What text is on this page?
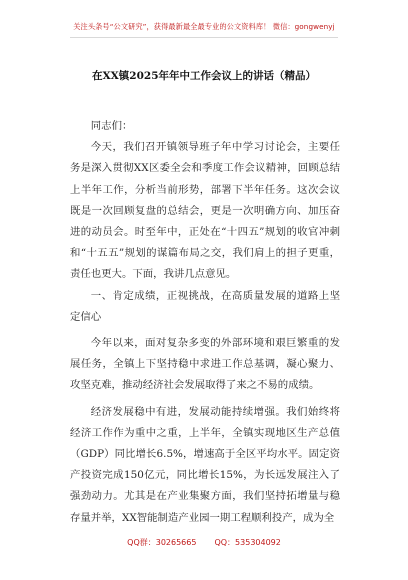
关注头条号“公文研究”，获得最新最全最专业的公文资料库！ 微信：gongwenyj
在XX镇2025年年中工作会议上的讲话（精品）

同志们：

今天，我们召开镇领导班子年中学习讨论会，主要任务是深入贯彻XX区委全会和季度工作会议精神，回顾总结上半年工作，分析当前形势，部署下半年任务。这次会议既是一次回顾复盘的总结会，更是一次明确方向、加压奋进的动员会。时至年中，正处在“十四五”规划的收官冲刺和“十五五”规划的谋篇布局之交，我们肩上的担子更重，责任也更大。下面，我讲几点意见。

一、肯定成绩，正视挑战，在高质量发展的道路上坚定信心

今年以来，面对复杂多变的外部环境和艰巨繁重的发展任务，全镇上下坚持稳中求进工作总基调，凝心聚力、攻坚克难，推动经济社会发展取得了来之不易的成绩。

经济发展稳中有进，发展动能持续增强。我们始终将经济工作作为重中之重，上半年，全镇实现地区生产总值（GDP）同比增长6.5%，增速高于全区平均水平。固定资产投资完成150亿元，同比增长15%，为长远发展注入了强劲动力。尤其是在产业集聚方面，我们坚持拓增量与稳存量并举，XX智能制造产业园一期工程顺利投产，成为全

QQ群：30265665 QQ：535304092
